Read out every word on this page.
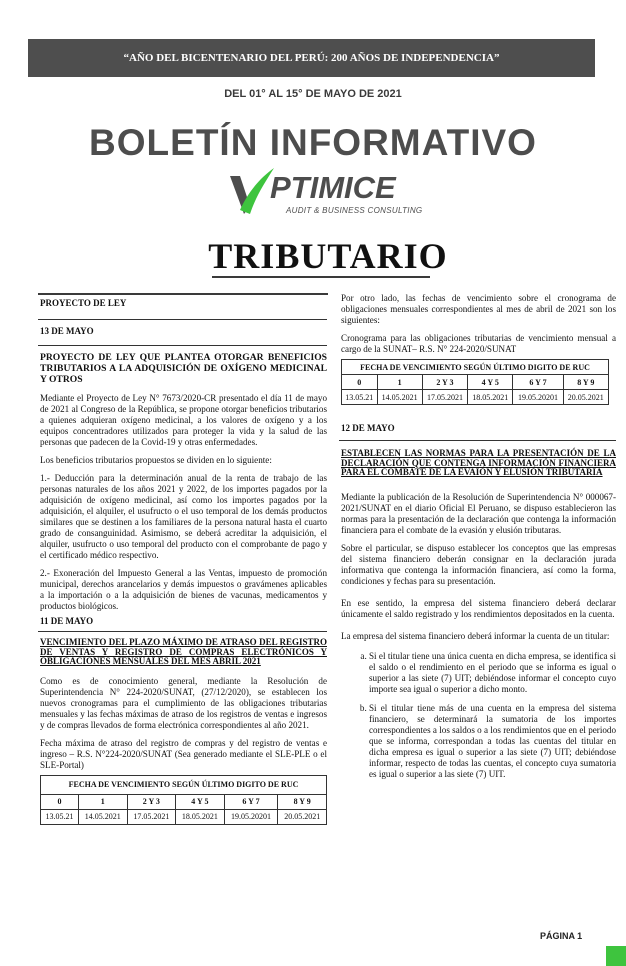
“AÑO DEL BICENTENARIO DEL PERÚ: 200 AÑOS DE INDEPENDENCIA”
DEL 01° AL 15° DE MAYO DE 2021
BOLETÍN INFORMATIVO
PTIMICE
AUDIT & BUSINESS CONSULTING
TRIBUTARIO
PROYECTO DE LEY
13 DE MAYO

PROYECTO DE LEY QUE PLANTEA OTORGAR BENEFICIOS TRIBUTARIOS A LA ADQUISICIÓN DE OXÍGENO MEDICINAL Y OTROS

Mediante el Proyecto de Ley N° 7673/2020-CR presentado el día 11 de mayo de 2021 al Congreso de la República, se propone otorgar beneficios tributarios a quienes adquieran oxígeno medicinal, a los valores de oxígeno y a los equipos concentradores utilizados para proteger la vida y la salud de las personas que padecen de la Covid-19 y otras enfermedades.

Los beneficios tributarios propuestos se dividen en lo siguiente:

1.- Deducción para la determinación anual de la renta de trabajo de las personas naturales de los años 2021 y 2022, de los importes pagados por la adquisición de oxígeno medicinal, así como los importes pagados por la adquisición, el alquiler, el usufructo o el uso temporal de los demás productos similares que se destinen a los familiares de la persona natural hasta el cuarto grado de consanguinidad. Asimismo, se deberá acreditar la adquisición, el alquiler, usufructo o uso temporal del producto con el comprobante de pago y el certificado médico respectivo.

2.- Exoneración del Impuesto General a las Ventas, impuesto de promoción municipal, derechos arancelarios y demás impuestos o gravámenes aplicables a la importación o a la adquisición de bienes de vacunas, medicamentos y productos biológicos.

11 DE MAYO

VENCIMIENTO DEL PLAZO MÁXIMO DE ATRASO DEL REGISTRO DE VENTAS Y REGISTRO DE COMPRAS ELECTRÓNICOS Y OBLIGACIONES MENSUALES DEL MES ABRIL 2021

Como es de conocimiento general, mediante la Resolución de Superintendencia N° 224-2020/SUNAT, (27/12/2020), se establecen los nuevos cronogramas para el cumplimiento de las obligaciones tributarias mensuales y las fechas máximas de atraso de los registros de ventas e ingresos y de compras llevados de forma electrónica correspondientes al año 2021.

Fecha máxima de atraso del registro de compras y del registro de ventas e ingreso – R.S. N°224-2020/SUNAT (Sea generado mediante el SLE-PLE o el SLE-Portal)

FECHA DE VENCIMIENTO SEGÚN ÚLTIMO DIGITO DE RUC					
0	1	2 Y 3	4 Y 5	6 Y 7	8 Y 9
13.05.21	14.05.2021	17.05.2021	18.05.2021	19.05.20201	20.05.2021

Por otro lado, las fechas de vencimiento sobre el cronograma de obligaciones mensuales correspondientes al mes de abril de 2021 son los siguientes:

Cronograma para las obligaciones tributarias de vencimiento mensual a cargo de la SUNAT– R.S. N° 224-2020/SUNAT

FECHA DE VENCIMIENTO SEGÚN ÚLTIMO DIGITO DE RUC					
0	1	2 Y 3	4 Y 5	6 Y 7	8 Y 9
13.05.21	14.05.2021	17.05.2021	18.05.2021	19.05.20201	20.05.2021
12 DE MAYO

ESTABLECEN LAS NORMAS PARA LA PRESENTACIÓN DE LA DECLARACIÓN QUE CONTENGA INFORMACIÓN FINANCIERA PARA EL COMBATE DE LA EVAIÓN Y ELUSIÓN TRIBUTARIA

Mediante la publicación de la Resolución de Superintendencia N° 000067-2021/SUNAT en el diario Oficial El Peruano, se dispuso establecieron las normas para la presentación de la declaración que contenga la información financiera para el combate de la evasión y elusión tributaras.

Sobre el particular, se dispuso establecer los conceptos que las empresas del sistema financiero deberán consignar en la declaración jurada informativa que contenga la información financiera, así como la forma, condiciones y fechas para su presentación.

En ese sentido, la empresa del sistema financiero deberá declarar únicamente el saldo registrado y los rendimientos depositados en la cuenta.

La empresa del sistema financiero deberá informar la cuenta de un titular:

a. Si el titular tiene una única cuenta en dicha empresa, se identifica si el saldo o el rendimiento en el periodo que se informa es igual o superior a las siete (7) UIT; debiéndose informar el concepto cuyo importe sea igual o superior a dicho monto.
b. Si el titular tiene más de una cuenta en la empresa del sistema financiero, se determinará la sumatoria de los importes correspondientes a los saldos o a los rendimientos que en el periodo que se informa, correspondan a todas las cuentas del titular en dicha empresa es igual o superior a las siete (7) UIT; debiéndose informar, respecto de todas las cuentas, el concepto cuya sumatoria es igual o superior a las siete (7) UIT.
PÁGINA 1
